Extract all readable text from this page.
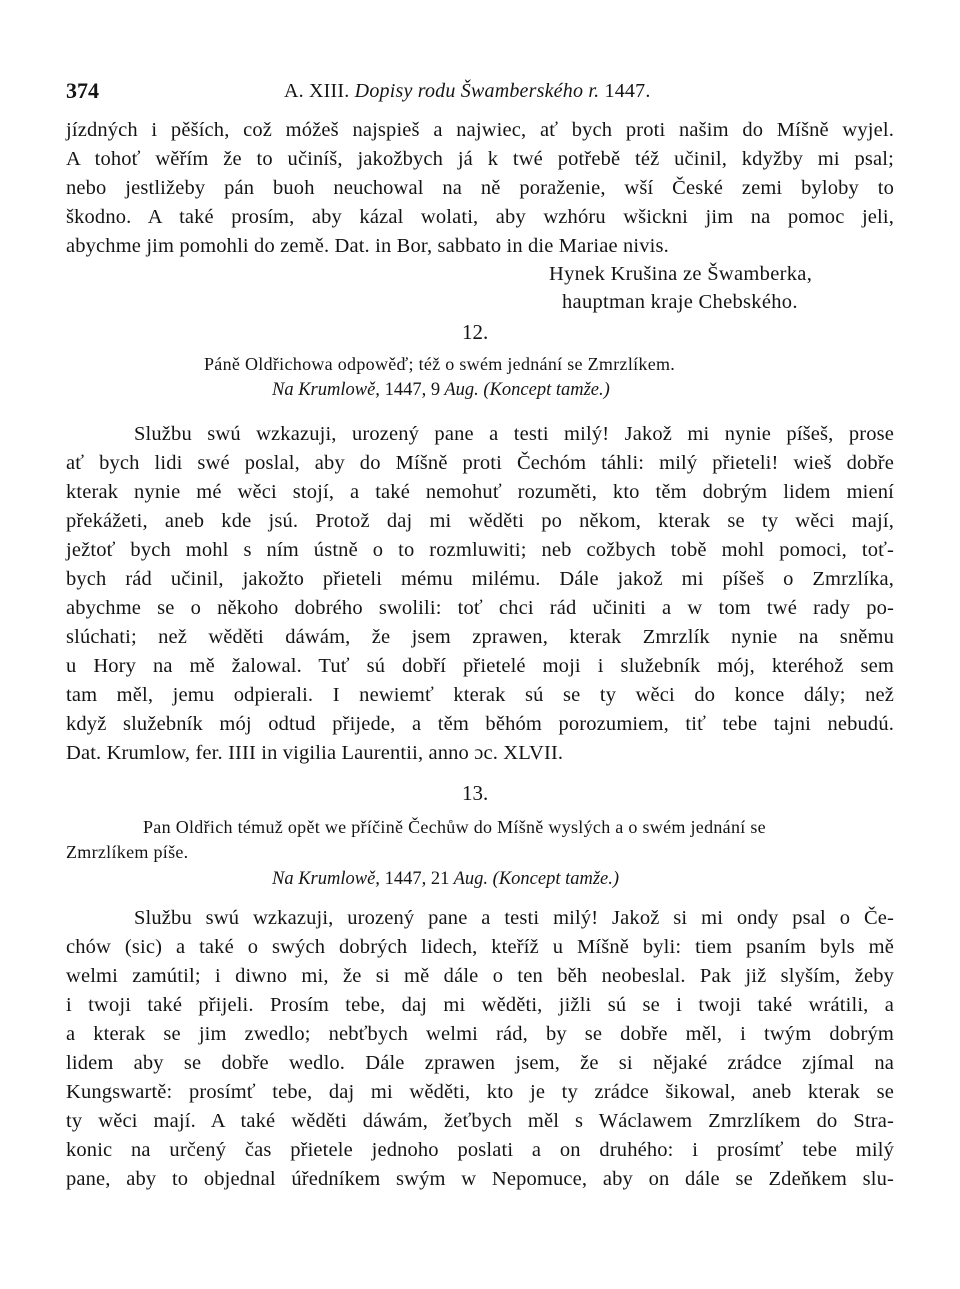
374	A. XIII. Dopisy rodu Šwamberského r. 1447.
jízdných i pěších, což móžeš najspieš a najwiec, ať bych proti našim do Míšně wyjel.
A tohoť wěřím že to učiníš, jakožbych já k twé potřebě též učinil, kdyžby mi psal;
nebo jestližeby pán buoh neuchowal na ně poraženie, wší České zemi byloby to
škodno. A také prosím, aby kázal wolati, aby wzhóru wšickni jim na pomoc jeli,
abychme jim pomohli do země. Dat. in Bor, sabbato in die Mariae nivis.
Hynek Krušina ze Šwamberka,
hauptman kraje Chebského.
12.
Páně Oldřichowa odpowěď; též o swém jednání se Zmrzlíkem.
Na Krumlowě, 1447, 9 Aug. (Koncept tamže.)
Službu swú wzkazuji, urozený pane a testi milý! Jakož mi nynie píšeš, prose
ať bych lidi swé poslal, aby do Míšně proti Čechóm táhli: milý přieteli! wieš dobře
kterak nynie mé wěci stojí, a také nemohuť rozuměti, kto těm dobrým lidem miení
překážeti, aneb kde jsú. Protož daj mi wěděti po někom, kterak se ty wěci mají,
ježtoť bych mohl s ním ústně o to rozmluwiti; neb cožbych tobě mohl pomoci, toť-
bych rád učinil, jakožto přieteli mému milému. Dále jakož mi píšeš o Zmrzlíka,
abychme se o někoho dobrého swolili: toť chci rád učiniti a w tom twé rady po-
slúchati; než wěděti dáwám, že jsem zprawen, kterak Zmrzlík nynie na sněmu
u Hory na mě žalowal. Tuť sú dobří přietelé moji i služebník mój, kteréhož sem
tam měl, jemu odpierali. I newiemť kterak sú se ty wěci do konce dály; než
když služebník mój odtud přijede, a těm běhóm porozumiem, tiť tebe tajni nebudú.
Dat. Krumlow, fer. IIII in vigilia Laurentii, anno ɔc. XLVII.
13.
Pan Oldřich témuž opět we příčině Čechůw do Míšně wyslých a o swém jednání se
Zmrzlíkem píše.
Na Krumlowě, 1447, 21 Aug. (Koncept tamže.)
Službu swú wzkazuji, urozený pane a testi milý! Jakož si mi ondy psal o Če-
chów (sic) a také o swých dobrých lidech, kteříž u Míšně byli: tiem psaním byls mě
welmi zamútil; i diwno mi, že si mě dále o ten běh neobeslal. Pak již slyším, žeby
i twoji také přijeli. Prosím tebe, daj mi wěděti, jižli sú se i twoji také wrátili, a
a kterak se jim zwedlo; nebťbych welmi rád, by se dobře měl, i twým dobrým
lidem aby se dobře wedlo. Dále zprawen jsem, že si nějaké zrádce zjímal na
Kungswartě: prosímť tebe, daj mi wěděti, kto je ty zrádce šikowal, aneb kterak se
ty wěci mají. A také wěděti dáwám, žeťbych měl s Wáclawem Zmrzlíkem do Stra-
konic na určený čas přietele jednoho poslati a on druhého: i prosímť tebe milý
pane, aby to objednal úředníkem swým w Nepomuce, aby on dále se Zdeňkem slu-
